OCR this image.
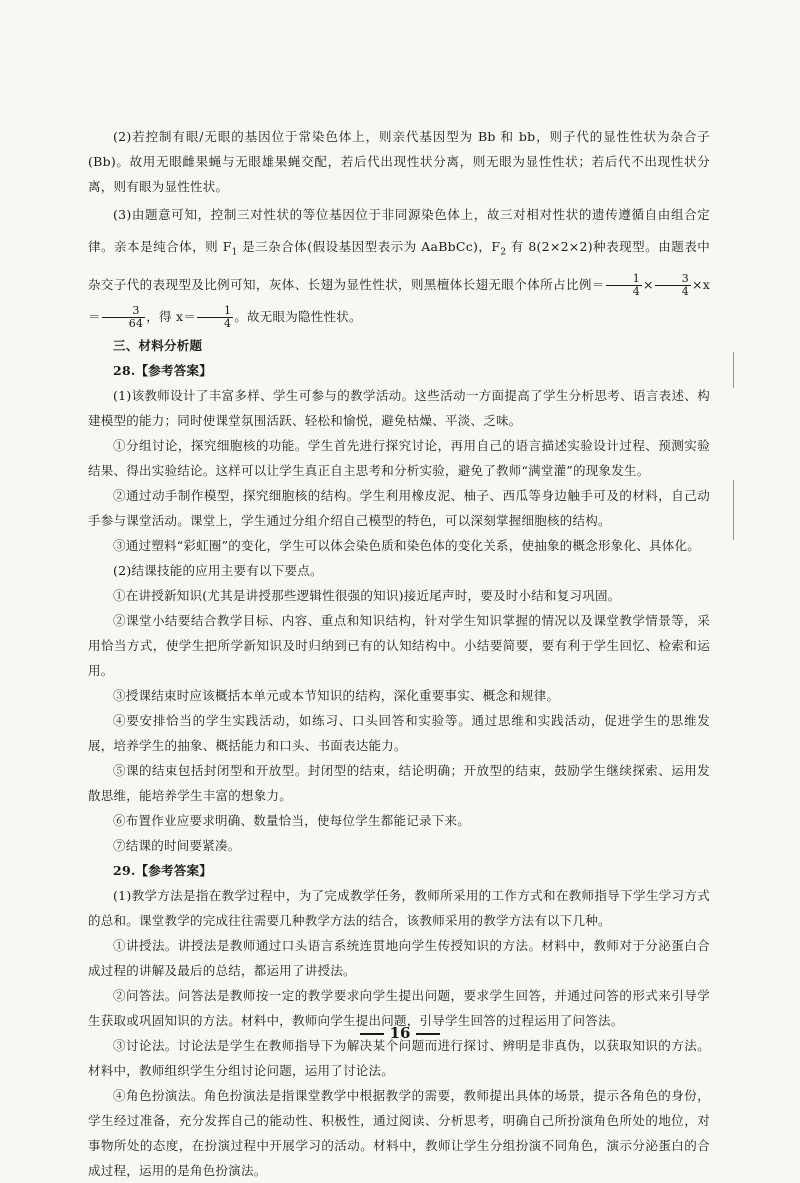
(2)若控制有眼/无眼的基因位于常染色体上，则亲代基因型为 Bb 和 bb，则子代的显性性状为杂合子(Bb)。故用无眼雌果蝇与无眼雄果蝇交配，若后代出现性状分离，则无眼为显性性状；若后代不出现性状分离，则有眼为显性性状。

(3)由题意可知，控制三对性状的等位基因位于非同源染色体上，故三对相对性状的遗传遵循自由组合定律。亲本是纯合体，则 $F_1$ 是三杂合体(假设基因型表示为 AaBbCc)，$F_2$ 有 8(2×2×2)种表现型。由题表中杂交子代的表现型及比例可知，灰体、长翅为显性性状，则黑檀体长翅无眼个体所占比例＝ $\frac{1}{4} \times \frac{3}{4} \times x= \frac{3}{64}$ ，得 $x= \frac{1}{4}$ 。故无眼为隐性性状。

三、材料分析题

28.【参考答案】

(1)该教师设计了丰富多样、学生可参与的教学活动。这些活动一方面提高了学生分析思考、语言表述、构建模型的能力；同时使课堂氛围活跃、轻松和愉悦，避免枯燥、平淡、乏味。

①分组讨论，探究细胞核的功能。学生首先进行探究讨论，再用自己的语言描述实验设计过程、预测实验结果、得出实验结论。这样可以让学生真正自主思考和分析实验，避免了教师“满堂灌”的现象发生。

②通过动手制作模型，探究细胞核的结构。学生利用橡皮泥、柚子、西瓜等身边触手可及的材料，自己动手参与课堂活动。课堂上，学生通过分组介绍自己模型的特色，可以深刻掌握细胞核的结构。

③通过塑料“彩虹圈”的变化，学生可以体会染色质和染色体的变化关系，使抽象的概念形象化、具体化。

(2)结课技能的应用主要有以下要点。

①在讲授新知识(尤其是讲授那些逻辑性很强的知识)接近尾声时，要及时小结和复习巩固。

②课堂小结要结合教学目标、内容、重点和知识结构，针对学生知识掌握的情况以及课堂教学情景等，采用恰当方式，使学生把所学新知识及时归纳到已有的认知结构中。小结要简要，要有利于学生回忆、检索和运用。

③授课结束时应该概括本单元或本节知识的结构，深化重要事实、概念和规律。

④要安排恰当的学生实践活动，如练习、口头回答和实验等。通过思维和实践活动，促进学生的思维发展，培养学生的抽象、概括能力和口头、书面表达能力。

⑤课的结束包括封闭型和开放型。封闭型的结束，结论明确；开放型的结束，鼓励学生继续探索、运用发散思维，能培养学生丰富的想象力。

⑥布置作业应要求明确、数量恰当，使每位学生都能记录下来。

⑦结课的时间要紧凑。

29.【参考答案】

(1)教学方法是指在教学过程中，为了完成教学任务，教师所采用的工作方式和在教师指导下学生学习方式的总和。课堂教学的完成往往需要几种教学方法的结合，该教师采用的教学方法有以下几种。

①讲授法。讲授法是教师通过口头语言系统连贯地向学生传授知识的方法。材料中，教师对于分泌蛋白合成过程的讲解及最后的总结，都运用了讲授法。

②问答法。问答法是教师按一定的教学要求向学生提出问题，要求学生回答，并通过问答的形式来引导学生获取或巩固知识的方法。材料中，教师向学生提出问题，引导学生回答的过程运用了问答法。

③讨论法。讨论法是学生在教师指导下为解决某个问题而进行探讨、辨明是非真伪，以获取知识的方法。材料中，教师组织学生分组讨论问题，运用了讨论法。

④角色扮演法。角色扮演法是指课堂教学中根据教学的需要，教师提出具体的场景，提示各角色的身份，学生经过准备，充分发挥自己的能动性、积极性，通过阅读、分析思考，明确自己所扮演角色所处的地位，对事物所处的态度，在扮演过程中开展学习的活动。材料中，教师让学生分组扮演不同角色，演示分泌蛋白的合成过程，运用的是角色扮演法。

16
